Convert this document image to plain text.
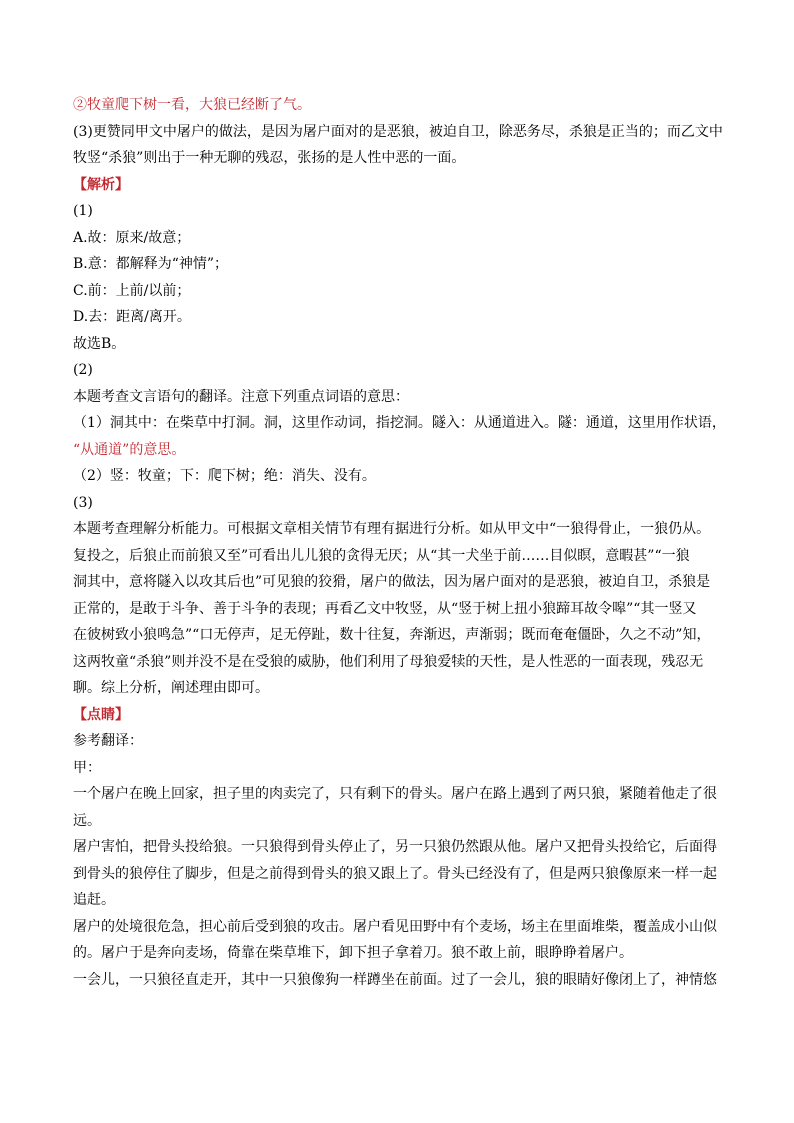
②牧童爬下树一看，大狼已经断了气。
(3)更赞同甲文中屠户的做法，是因为屠户面对的是恶狼，被迫自卫，除恶务尽，杀狼是正当的；而乙文中
牧竖“杀狼”则出于一种无聊的残忍，张扬的是人性中恶的一面。
【解析】
(1)
A.故：原来/故意；
B.意：都解释为“神情”；
C.前：上前/以前；
D.去：距离/离开。
故选B。
(2)
本题考查文言语句的翻译。注意下列重点词语的意思：
（1）洞其中：在柴草中打洞。洞，这里作动词，指挖洞。隧入：从通道进入。隧：通道，这里用作状语，
“从通道”的意思。
（2）竖：牧童；下：爬下树；绝：消失、没有。
(3)
本题考查理解分析能力。可根据文章相关情节有理有据进行分析。如从甲文中“一狼得骨止，一狼仍从。
复投之，后狼止而前狼又至”可看出儿儿狼的贪得无厌；从“其一犬坐于前……目似瞑，意暇甚”“一狼
洞其中，意将隧入以攻其后也”可见狼的狡猾，屠户的做法，因为屠户面对的是恶狼，被迫自卫，杀狼是
正常的，是敢于斗争、善于斗争的表现；再看乙文中牧竖，从“竖于树上扭小狼蹄耳故令嗥”“其一竖又
在彼树致小狼鸣急”“口无停声，足无停趾，数十往复，奔渐迟，声渐弱；既而奄奄僵卧，久之不动”知，
这两牧童“杀狼”则并没不是在受狼的威胁，他们利用了母狼爱犊的天性，是人性恶的一面表现，残忍无
聊。综上分析，阐述理由即可。
【点睛】
参考翻译：
甲：
一个屠户在晚上回家，担子里的肉卖完了，只有剩下的骨头。屠户在路上遇到了两只狼，紧随着他走了很
远。
屠户害怕，把骨头投给狼。一只狼得到骨头停止了，另一只狼仍然跟从他。屠户又把骨头投给它，后面得
到骨头的狼停住了脚步，但是之前得到骨头的狼又跟上了。骨头已经没有了，但是两只狼像原来一样一起
追赶。
屠户的处境很危急，担心前后受到狼的攻击。屠户看见田野中有个麦场，场主在里面堆柴，覆盖成小山似
的。屠户于是奔向麦场，倚靠在柴草堆下，卸下担子拿着刀。狼不敢上前，眼睁睁着屠户。
一会儿，一只狼径直走开，其中一只狼像狗一样蹲坐在前面。过了一会儿，狼的眼睛好像闭上了，神情悠
